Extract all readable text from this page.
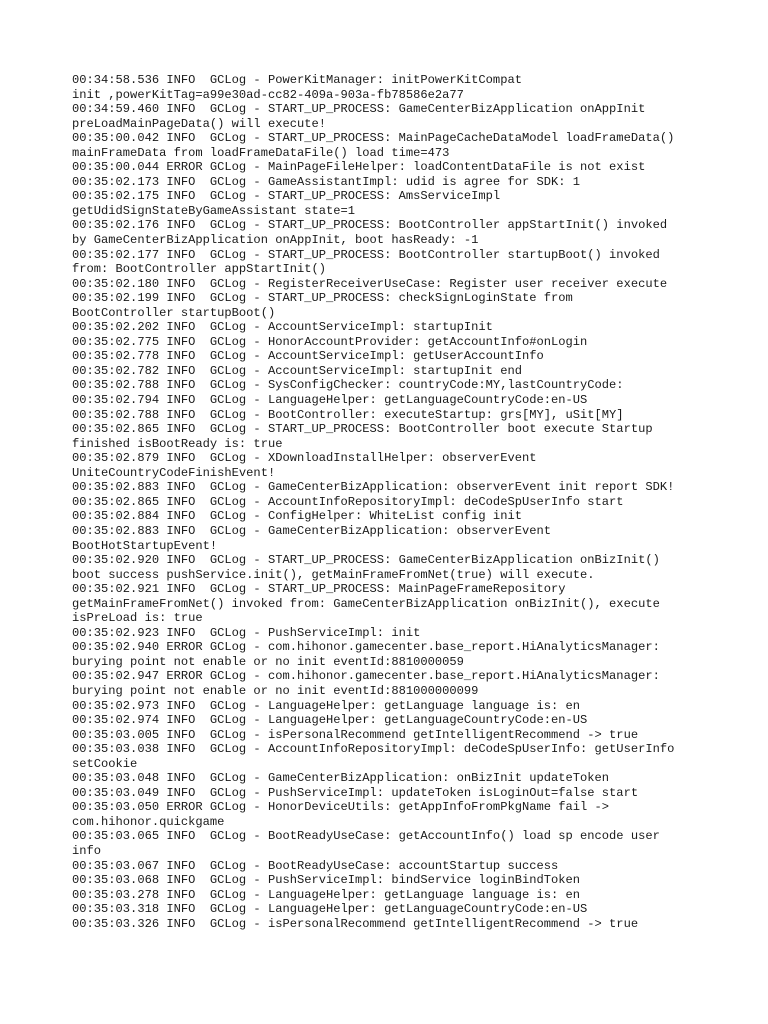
00:34:58.536 INFO  GCLog - PowerKitManager: initPowerKitCompat
init ,powerKitTag=a99e30ad-cc82-409a-903a-fb78586e2a77
00:34:59.460 INFO  GCLog - START_UP_PROCESS: GameCenterBizApplication onAppInit
preLoadMainPageData() will execute!
00:35:00.042 INFO  GCLog - START_UP_PROCESS: MainPageCacheDataModel loadFrameData()
mainFrameData from loadFrameDataFile() load time=473
00:35:00.044 ERROR GCLog - MainPageFileHelper: loadContentDataFile is not exist
00:35:02.173 INFO  GCLog - GameAssistantImpl: udid is agree for SDK: 1
00:35:02.175 INFO  GCLog - START_UP_PROCESS: AmsServiceImpl
getUdidSignStateByGameAssistant state=1
00:35:02.176 INFO  GCLog - START_UP_PROCESS: BootController appStartInit() invoked
by GameCenterBizApplication onAppInit, boot hasReady: -1
00:35:02.177 INFO  GCLog - START_UP_PROCESS: BootController startupBoot() invoked
from: BootController appStartInit()
00:35:02.180 INFO  GCLog - RegisterReceiverUseCase: Register user receiver execute
00:35:02.199 INFO  GCLog - START_UP_PROCESS: checkSignLoginState from
BootController startupBoot()
00:35:02.202 INFO  GCLog - AccountServiceImpl: startupInit
00:35:02.775 INFO  GCLog - HonorAccountProvider: getAccountInfo#onLogin
00:35:02.778 INFO  GCLog - AccountServiceImpl: getUserAccountInfo
00:35:02.782 INFO  GCLog - AccountServiceImpl: startupInit end
00:35:02.788 INFO  GCLog - SysConfigChecker: countryCode:MY,lastCountryCode:
00:35:02.794 INFO  GCLog - LanguageHelper: getLanguageCountryCode:en-US
00:35:02.788 INFO  GCLog - BootController: executeStartup: grs[MY], uSit[MY]
00:35:02.865 INFO  GCLog - START_UP_PROCESS: BootController boot execute Startup
finished isBootReady is: true
00:35:02.879 INFO  GCLog - XDownloadInstallHelper: observerEvent
UniteCountryCodeFinishEvent!
00:35:02.883 INFO  GCLog - GameCenterBizApplication: observerEvent init report SDK!
00:35:02.865 INFO  GCLog - AccountInfoRepositoryImpl: deCodeSpUserInfo start
00:35:02.884 INFO  GCLog - ConfigHelper: WhiteList config init
00:35:02.883 INFO  GCLog - GameCenterBizApplication: observerEvent
BootHotStartupEvent!
00:35:02.920 INFO  GCLog - START_UP_PROCESS: GameCenterBizApplication onBizInit()
boot success pushService.init(), getMainFrameFromNet(true) will execute.
00:35:02.921 INFO  GCLog - START_UP_PROCESS: MainPageFrameRepository
getMainFrameFromNet() invoked from: GameCenterBizApplication onBizInit(), execute
isPreLoad is: true
00:35:02.923 INFO  GCLog - PushServiceImpl: init
00:35:02.940 ERROR GCLog - com.hihonor.gamecenter.base_report.HiAnalyticsManager:
burying point not enable or no init eventId:8810000059
00:35:02.947 ERROR GCLog - com.hihonor.gamecenter.base_report.HiAnalyticsManager:
burying point not enable or no init eventId:881000000099
00:35:02.973 INFO  GCLog - LanguageHelper: getLanguage language is: en
00:35:02.974 INFO  GCLog - LanguageHelper: getLanguageCountryCode:en-US
00:35:03.005 INFO  GCLog - isPersonalRecommend getIntelligentRecommend -> true
00:35:03.038 INFO  GCLog - AccountInfoRepositoryImpl: deCodeSpUserInfo: getUserInfo
setCookie
00:35:03.048 INFO  GCLog - GameCenterBizApplication: onBizInit updateToken
00:35:03.049 INFO  GCLog - PushServiceImpl: updateToken isLoginOut=false start
00:35:03.050 ERROR GCLog - HonorDeviceUtils: getAppInfoFromPkgName fail ->
com.hihonor.quickgame
00:35:03.065 INFO  GCLog - BootReadyUseCase: getAccountInfo() load sp encode user
info
00:35:03.067 INFO  GCLog - BootReadyUseCase: accountStartup success
00:35:03.068 INFO  GCLog - PushServiceImpl: bindService loginBindToken
00:35:03.278 INFO  GCLog - LanguageHelper: getLanguage language is: en
00:35:03.318 INFO  GCLog - LanguageHelper: getLanguageCountryCode:en-US
00:35:03.326 INFO  GCLog - isPersonalRecommend getIntelligentRecommend -> true
